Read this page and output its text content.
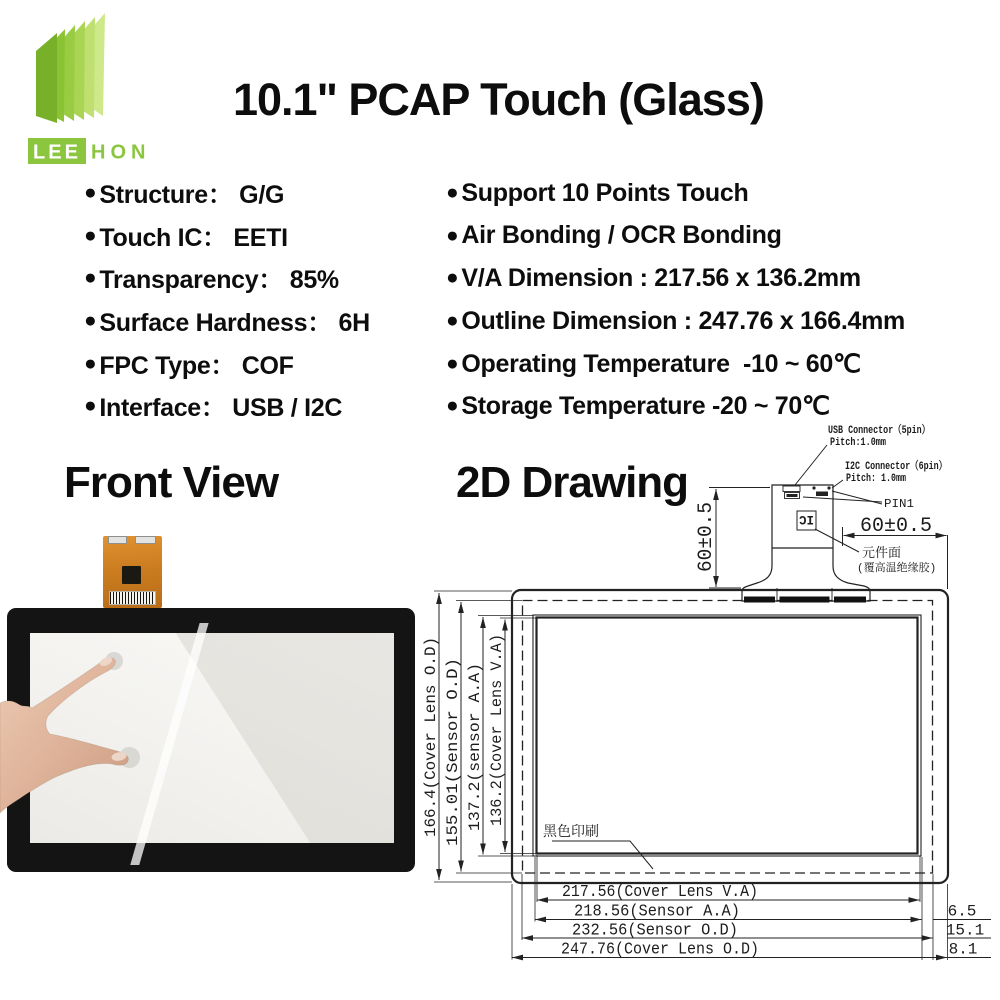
LEE HON
10.1" PCAP Touch (Glass)
● Structure： G/G
● Touch IC： EETI
● Transparency： 85%
● Surface Hardness： 6H
● FPC Type： COF
● Interface： USB / I2C
● Support 10 Points Touch
● Air Bonding / OCR Bonding
● V/A Dimension : 217.56 x 136.2mm
● Outline Dimension : 247.76 x 166.4mm
● Operating Temperature  -10 ~ 60℃
● Storage Temperature -20 ~ 70℃
Front View	2D Drawing
IC
USB Connector（5pin）
Pitch:1.0mm
I2C Connector（6pin）
Pitch: 1.0mm
PIN1
元件面
(覆高温绝缘胶)
黑色印刷
60±0.5	60±0.5
166.4(Cover Lens O.D) 155.01(Sensor O.D) 137.2(sensor A.A) 136.2(Cover Lens V.A)
217.56(Cover Lens V.A)
218.56(Sensor A.A)
232.56(Sensor O.D)
247.76(Cover Lens O.D)
6.5
15.1
8.1
